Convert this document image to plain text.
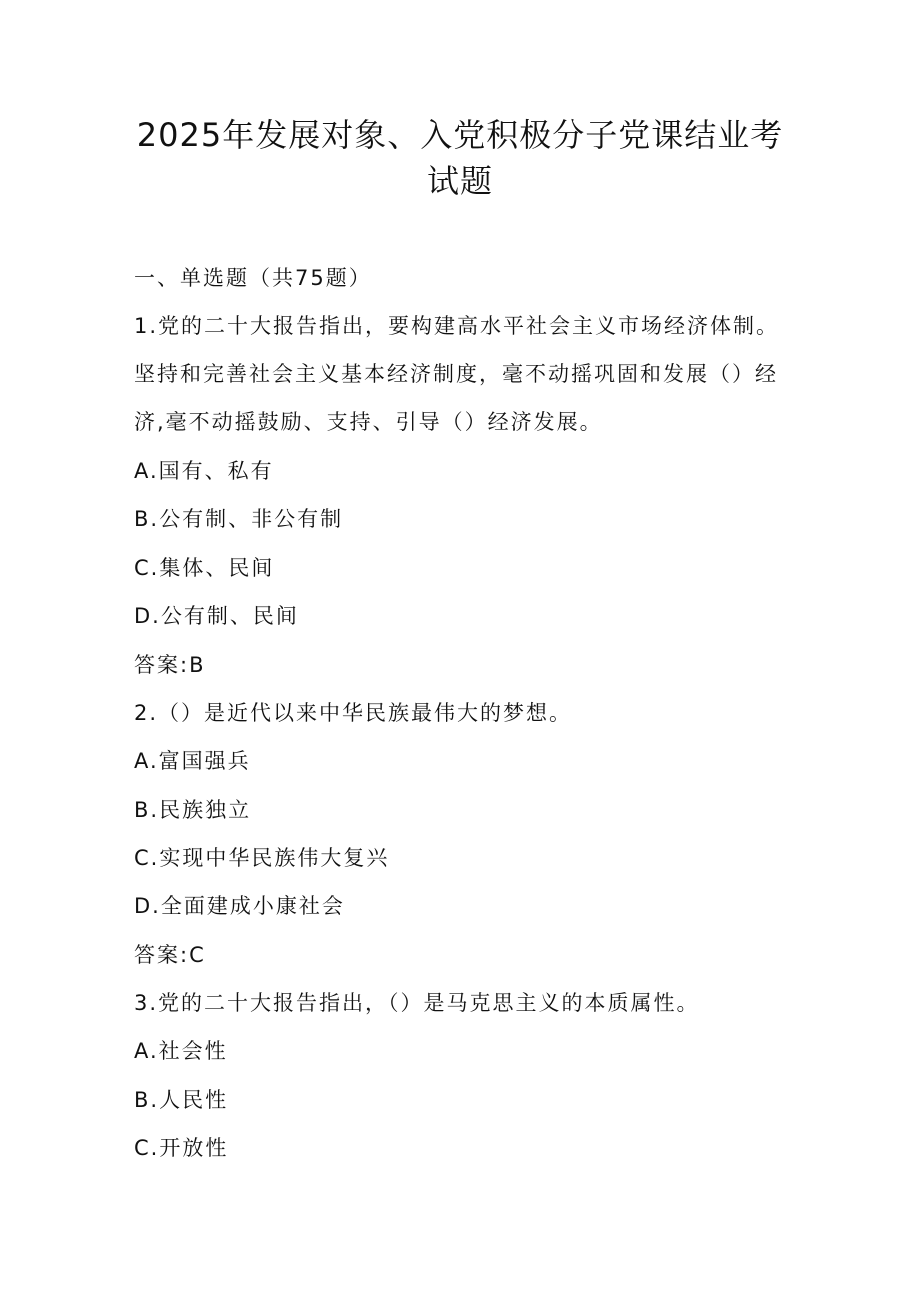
2025年发展对象、入党积极分子党课结业考
试题
一、单选题（共75题）
1.党的二十大报告指出，要构建高水平社会主义市场经济体制。
坚持和完善社会主义基本经济制度，毫不动摇巩固和发展（）经
济,毫不动摇鼓励、支持、引导（）经济发展。
A.国有、私有
B.公有制、非公有制
C.集体、民间
D.公有制、民间
答案:B
2.（）是近代以来中华民族最伟大的梦想。
A.富国强兵
B.民族独立
C.实现中华民族伟大复兴
D.全面建成小康社会
答案:C
3.党的二十大报告指出，（）是马克思主义的本质属性。
A.社会性
B.人民性
C.开放性
